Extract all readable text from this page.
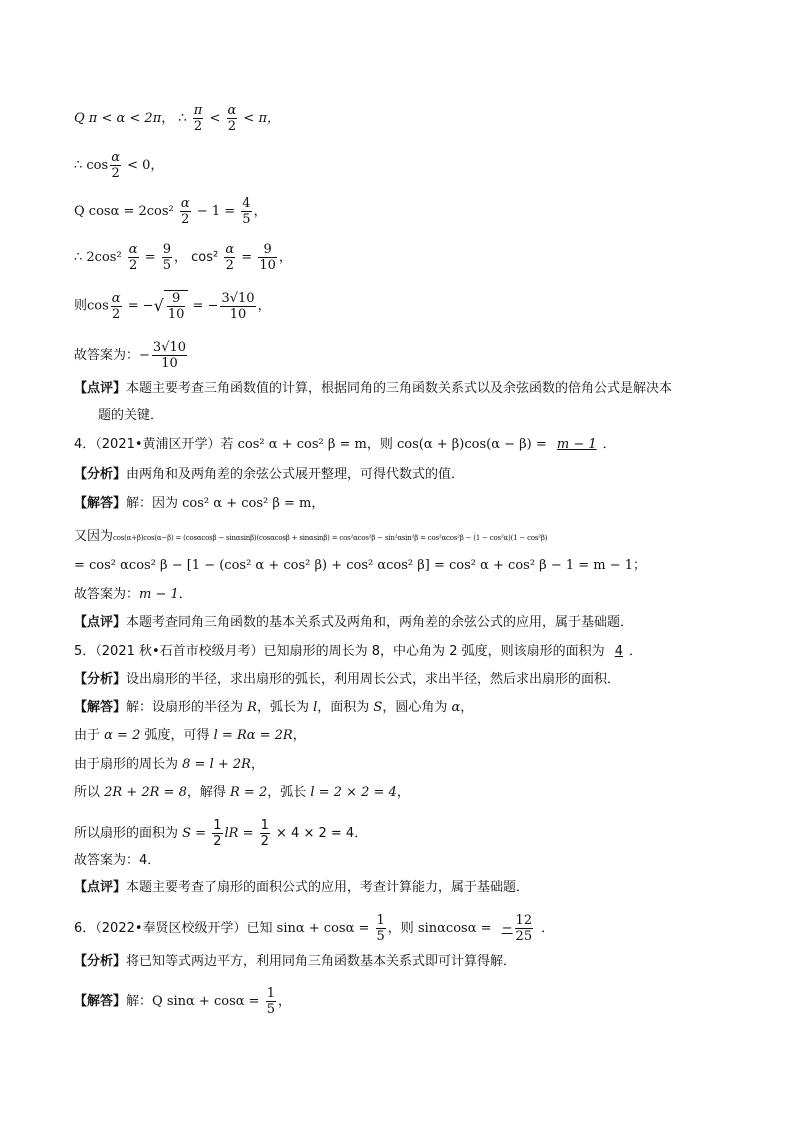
Q π < α < 2π， ∴ $\frac{\pi}{2} < \frac{\alpha}{2} < \pi$，
∴ $\cos \frac{\alpha}{2} < 0$，
Q $\cos\alpha = 2\cos^2 \frac{\alpha}{2} - 1 = \frac{4}{5}$ ，
∴ $2\cos^2 \frac{\alpha}{2} = \frac{9}{5}$ ， $\cos^2 \frac{\alpha}{2} = \frac{9}{10}$ ，
则$\cos \frac{\alpha}{2}$ = −√ $\frac{9}{10}$ = − $\frac{3√10}{10}$ ，
故答案为：− $\frac{3√10}{10}$
【点评】本题主要考查三角函数值的计算，根据同角的三角函数关系式以及余弦函数的倍角公式是解决本
题的关键．
4．（2021•黄浦区开学）若 cos² α + cos² β = m，则 cos(α + β)cos(α − β) = m − 1 ．
【分析】由两角和及两角差的余弦公式展开整理，可得代数式的值．
【解答】解：因为 cos² α + cos² β = m，
又因为cos(α+β)cos(α−β) = (cosαcosβ − sinαsinβ)(cosαcosβ + sinαsinβ) = cos²αcos²β − sin²αsin²β = cos²αcos²β − (1 − cos²α)(1 − cos²β)
= cos² αcos² β − [1 − (cos² α + cos² β) + cos² αcos² β] = cos² α + cos² β − 1 = m − 1；
故答案为：m − 1．
【点评】本题考查同角三角函数的基本关系式及两角和，两角差的余弦公式的应用，属于基础题．
5．（2021 秋•石首市校级月考）已知扇形的周长为 8，中心角为 2 弧度，则该扇形的面积为 4 ．
【分析】设出扇形的半径，求出扇形的弧长，利用周长公式，求出半径，然后求出扇形的面积．
【解答】解：设扇形的半径为 R，弧长为 l，面积为 S，圆心角为 α，
由于 α = 2 弧度，可得 l = Rα = 2R，
由于扇形的周长为 8 = l + 2R，
所以 2R + 2R = 8，解得 R = 2，弧长 l = 2 × 2 = 4，
所以扇形的面积为 $S = \frac{1}{2}$ lR = $\frac{1}{2} \times 4 \times 2 = 4$．
故答案为：4．
【点评】本题主要考查了扇形的面积公式的应用，考查计算能力，属于基础题．
6．（2022•奉贤区校级开学）已知 $\sin\alpha + \cos\alpha = \frac{1}{5}$ ，则 sinαcosα = − $\frac{12}{25}$ ．
【分析】将已知等式两边平方，利用同角三角函数基本关系式即可计算得解．
【解答】解：Q $\sin\alpha + \cos\alpha = \frac{1}{5}$ ，
